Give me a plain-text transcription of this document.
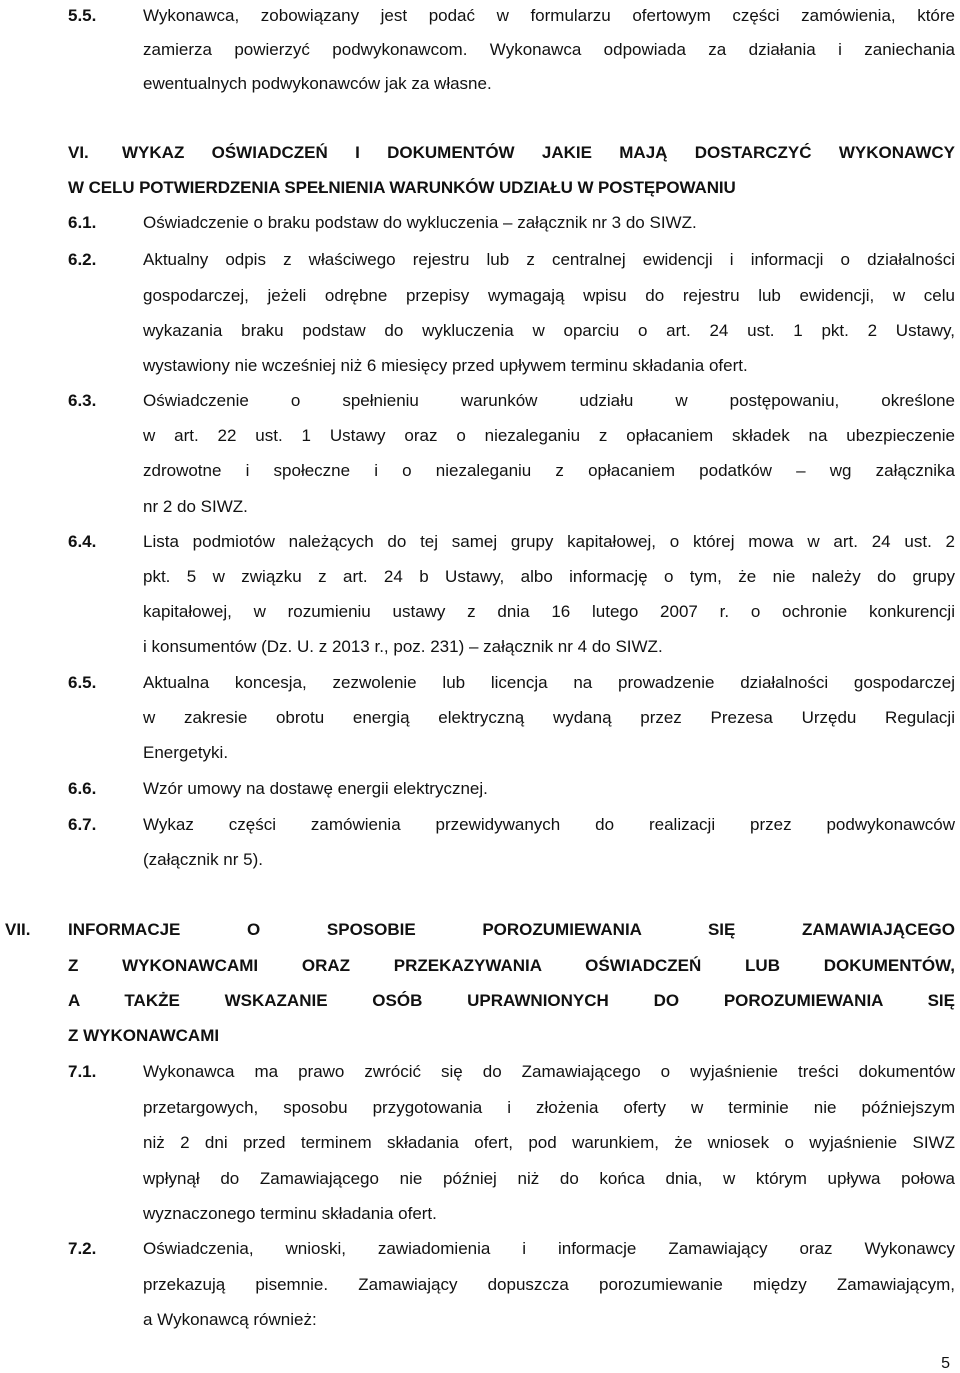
5.5.	Wykonawca, zobowiązany jest podać w formularzu ofertowym części zamówienia, które
zamierza powierzyć podwykonawcom. Wykonawca odpowiada za działania i zaniechania
ewentualnych podwykonawców jak za własne.
VI. WYKAZ OŚWIADCZEŃ I DOKUMENTÓW JAKIE MAJĄ DOSTARCZYĆ WYKONAWCY
W CELU POTWIERDZENIA SPEŁNIENIA WARUNKÓW UDZIAŁU W POSTĘPOWANIU
6.1.	Oświadczenie o braku podstaw do wykluczenia – załącznik nr 3 do SIWZ.
6.2.	Aktualny odpis z właściwego rejestru lub z centralnej ewidencji i informacji o działalności
gospodarczej, jeżeli odrębne przepisy wymagają wpisu do rejestru lub ewidencji, w celu
wykazania braku podstaw do wykluczenia w oparciu o art. 24 ust. 1 pkt. 2 Ustawy,
wystawiony nie wcześniej niż 6 miesięcy przed upływem terminu składania ofert.
6.3.	Oświadczenie o spełnieniu warunków udziału w postępowaniu, określone
w art. 22 ust. 1 Ustawy oraz o niezaleganiu z opłacaniem składek na ubezpieczenie
zdrowotne i społeczne i o niezaleganiu z opłacaniem podatków – wg załącznika
nr 2 do SIWZ.
6.4.	Lista podmiotów należących do tej samej grupy kapitałowej, o której mowa w art. 24 ust. 2
pkt. 5 w związku z art. 24 b Ustawy, albo informację o tym, że nie należy do grupy
kapitałowej, w rozumieniu ustawy z dnia 16 lutego 2007 r. o ochronie konkurencji
i konsumentów (Dz. U. z 2013 r., poz. 231) – załącznik nr 4 do SIWZ.
6.5.	Aktualna koncesja, zezwolenie lub licencja na prowadzenie działalności gospodarczej
w zakresie obrotu energią elektryczną wydaną przez Prezesa Urzędu Regulacji
Energetyki.
6.6.	Wzór umowy na dostawę energii elektrycznej.
6.7.	Wykaz części zamówienia przewidywanych do realizacji przez podwykonawców
(załącznik nr 5).
VII. INFORMACJE O SPOSOBIE POROZUMIEWANIA SIĘ ZAMAWIAJĄCEGO
Z WYKONAWCAMI ORAZ PRZEKAZYWANIA OŚWIADCZEŃ LUB DOKUMENTÓW,
A TAKŻE WSKAZANIE OSÓB UPRAWNIONYCH DO POROZUMIEWANIA SIĘ
Z WYKONAWCAMI
7.1.	Wykonawca ma prawo zwrócić się do Zamawiającego o wyjaśnienie treści dokumentów
przetargowych, sposobu przygotowania i złożenia oferty w terminie nie późniejszym
niż 2 dni przed terminem składania ofert, pod warunkiem, że wniosek o wyjaśnienie SIWZ
wpłynął do Zamawiającego nie później niż do końca dnia, w którym upływa połowa
wyznaczonego terminu składania ofert.
7.2.	Oświadczenia, wnioski, zawiadomienia i informacje Zamawiający oraz Wykonawcy
przekazują pisemnie. Zamawiający dopuszcza porozumiewanie między Zamawiającym,
a Wykonawcą również:
5
